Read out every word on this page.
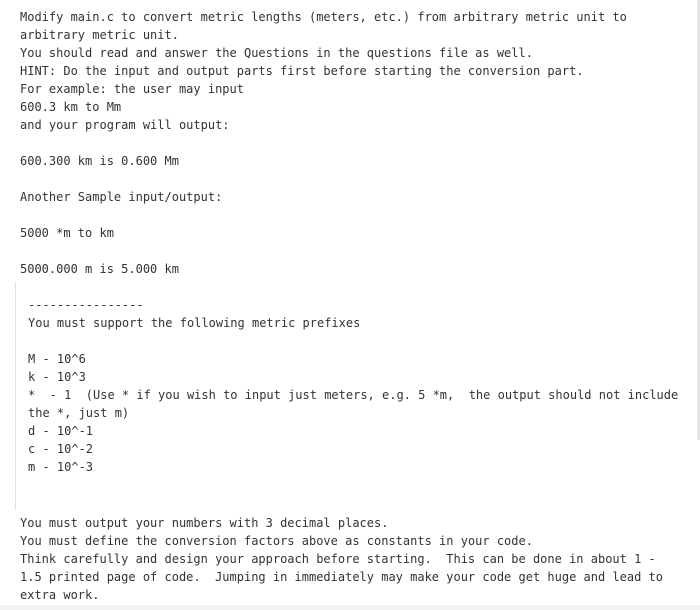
Modify main.c to convert metric lengths (meters, etc.) from arbitrary metric unit to
arbitrary metric unit.
You should read and answer the Questions in the questions file as well.
HINT: Do the input and output parts first before starting the conversion part.
For example: the user may input
600.3 km to Mm
and your program will output:
600.300 km is 0.600 Mm
Another Sample input/output:
5000 *m to km
5000.000 m is 5.000 km
----------------
You must support the following metric prefixes
M - 10^6
k - 10^3
*  - 1  (Use * if you wish to input just meters, e.g. 5 *m,  the output should not include
the *, just m)
d - 10^-1
c - 10^-2
m - 10^-3
You must output your numbers with 3 decimal places.
You must define the conversion factors above as constants in your code.
Think carefully and design your approach before starting.  This can be done in about 1 -
1.5 printed page of code.  Jumping in immediately may make your code get huge and lead to
extra work.
